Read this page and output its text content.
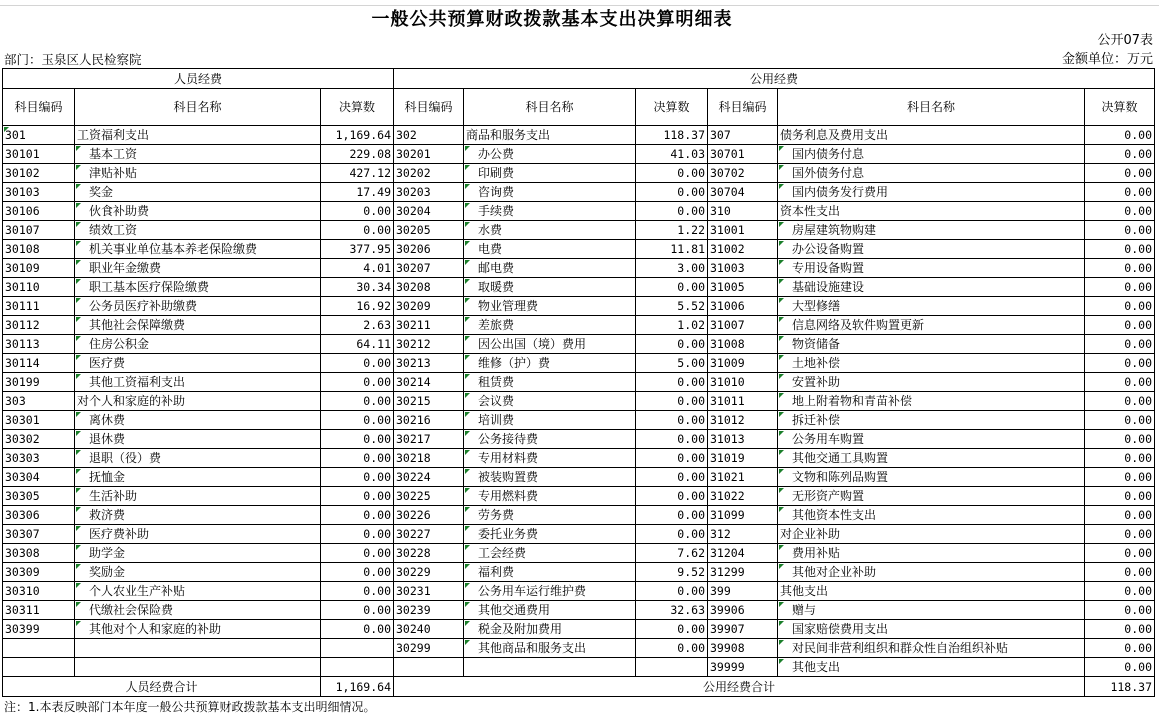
一般公共预算财政拨款基本支出决算明细表
公开07表
部门：玉泉区人民检察院	金额单位：万元
人员经费			公用经费					
科目编码	科目名称	决算数	科目编码	科目名称	决算数	科目编码	科目名称	决算数
301	工资福利支出	1,169.64	302	商品和服务支出	118.37	307	债务利息及费用支出	0.00
30101	基本工资	229.08	30201	办公费	41.03	30701	国内债务付息	0.00
30102	津贴补贴	427.12	30202	印刷费	0.00	30702	国外债务付息	0.00
30103	奖金	17.49	30203	咨询费	0.00	30704	国内债务发行费用	0.00
30106	伙食补助费	0.00	30204	手续费	0.00	310	资本性支出	0.00
30107	绩效工资	0.00	30205	水费	1.22	31001	房屋建筑物购建	0.00
30108	机关事业单位基本养老保险缴费	377.95	30206	电费	11.81	31002	办公设备购置	0.00
30109	职业年金缴费	4.01	30207	邮电费	3.00	31003	专用设备购置	0.00
30110	职工基本医疗保险缴费	30.34	30208	取暖费	0.00	31005	基础设施建设	0.00
30111	公务员医疗补助缴费	16.92	30209	物业管理费	5.52	31006	大型修缮	0.00
30112	其他社会保障缴费	2.63	30211	差旅费	1.02	31007	信息网络及软件购置更新	0.00
30113	住房公积金	64.11	30212	因公出国（境）费用	0.00	31008	物资储备	0.00
30114	医疗费	0.00	30213	维修（护）费	5.00	31009	土地补偿	0.00
30199	其他工资福利支出	0.00	30214	租赁费	0.00	31010	安置补助	0.00
303	对个人和家庭的补助	0.00	30215	会议费	0.00	31011	地上附着物和青苗补偿	0.00
30301	离休费	0.00	30216	培训费	0.00	31012	拆迁补偿	0.00
30302	退休费	0.00	30217	公务接待费	0.00	31013	公务用车购置	0.00
30303	退职（役）费	0.00	30218	专用材料费	0.00	31019	其他交通工具购置	0.00
30304	抚恤金	0.00	30224	被装购置费	0.00	31021	文物和陈列品购置	0.00
30305	生活补助	0.00	30225	专用燃料费	0.00	31022	无形资产购置	0.00
30306	救济费	0.00	30226	劳务费	0.00	31099	其他资本性支出	0.00
30307	医疗费补助	0.00	30227	委托业务费	0.00	312	对企业补助	0.00
30308	助学金	0.00	30228	工会经费	7.62	31204	费用补贴	0.00
30309	奖励金	0.00	30229	福利费	9.52	31299	其他对企业补助	0.00
30310	个人农业生产补贴	0.00	30231	公务用车运行维护费	0.00	399	其他支出	0.00
30311	代缴社会保险费	0.00	30239	其他交通费用	32.63	39906	赠与	0.00
30399	其他对个人和家庭的补助	0.00	30240	税金及附加费用	0.00	39907	国家赔偿费用支出	0.00
			30299	其他商品和服务支出	0.00	39908	对民间非营利组织和群众性自治组织补贴	0.00
						39999	其他支出	0.00
人员经费合计		1,169.64	公用经费合计					118.37
注：1.本表反映部门本年度一般公共预算财政拨款基本支出明细情况。
